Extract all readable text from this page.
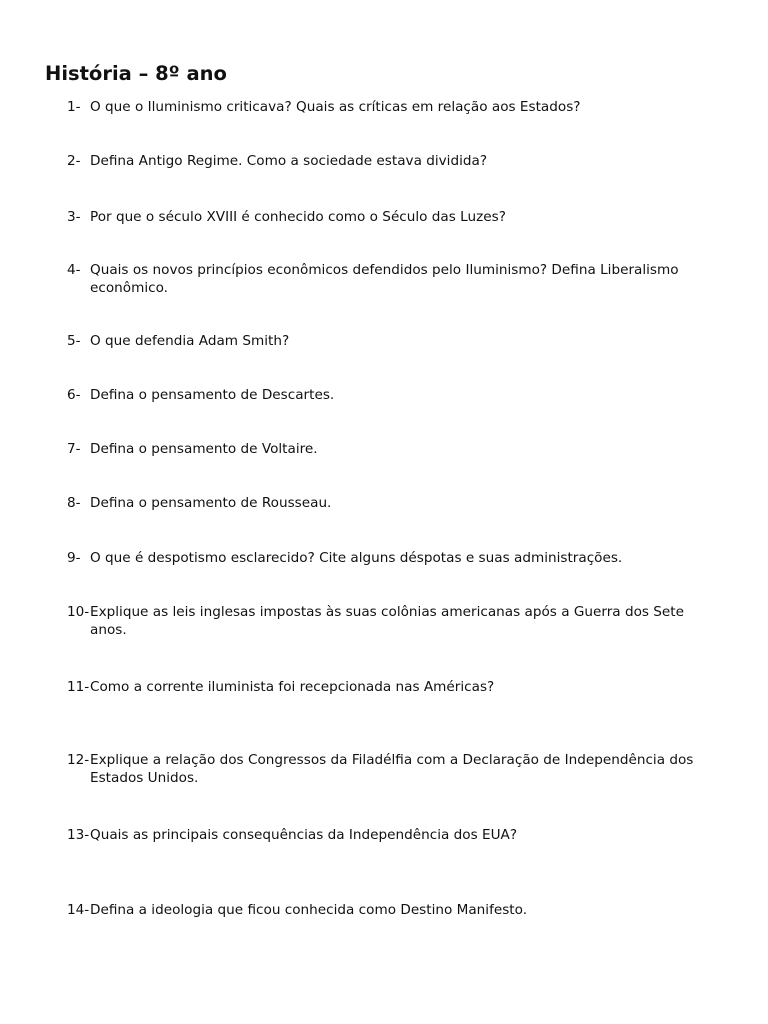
História – 8º ano
1- O que o Iluminismo criticava? Quais as críticas em relação aos Estados?
2- Defina Antigo Regime. Como a sociedade estava dividida?
3- Por que o século XVIII é conhecido como o Século das Luzes?
4- Quais os novos princípios econômicos defendidos pelo Iluminismo? Defina Liberalismo econômico.
5- O que defendia Adam Smith?
6- Defina o pensamento de Descartes.
7- Defina o pensamento de Voltaire.
8- Defina o pensamento de Rousseau.
9- O que é despotismo esclarecido? Cite alguns déspotas e suas administrações.
10- Explique as leis inglesas impostas às suas colônias americanas após a Guerra dos Sete anos.
11- Como a corrente iluminista foi recepcionada nas Américas?
12- Explique a relação dos Congressos da Filadélfia com a Declaração de Independência dos Estados Unidos.
13- Quais as principais consequências da Independência dos EUA?
14- Defina a ideologia que ficou conhecida como Destino Manifesto.
